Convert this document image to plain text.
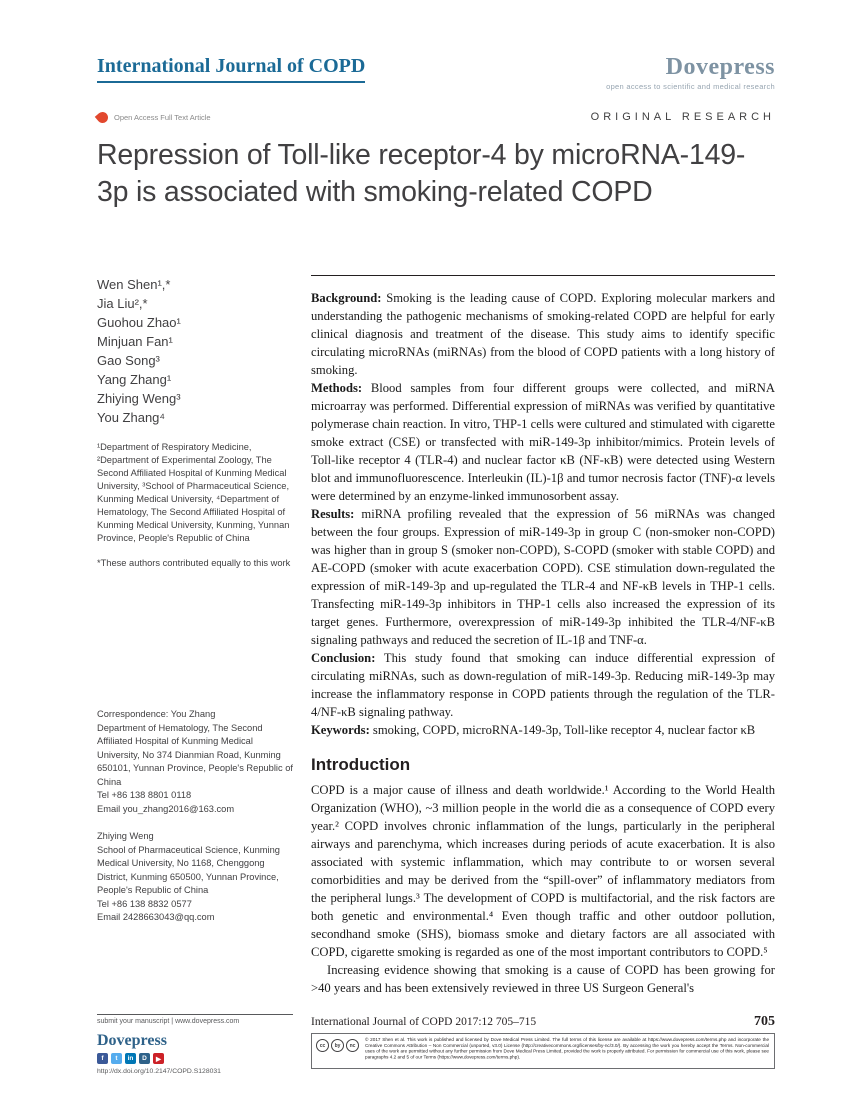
International Journal of COPD	Dovepress
open access to scientific and medical research
Open Access Full Text Article	ORIGINAL RESEARCH
Repression of Toll-like receptor-4 by microRNA-149-3p is associated with smoking-related COPD
Wen Shen¹,*
Jia Liu²,*
Guohou Zhao¹
Minjuan Fan¹
Gao Song³
Yang Zhang¹
Zhiying Weng³
You Zhang⁴

¹Department of Respiratory Medicine, ²Department of Experimental Zoology, The Second Affiliated Hospital of Kunming Medical University, ³School of Pharmaceutical Science, Kunming Medical University, ⁴Department of Hematology, The Second Affiliated Hospital of Kunming Medical University, Kunming, Yunnan Province, People's Republic of China

*These authors contributed equally to this work

Correspondence: You Zhang
Department of Hematology, The Second Affiliated Hospital of Kunming Medical University, No 374 Dianmian Road, Kunming 650101, Yunnan Province, People's Republic of China
Tel +86 138 8801 0118
Email you_zhang2016@163.com
Zhiying Weng
School of Pharmaceutical Science, Kunming Medical University, No 1168, Chenggong District, Kunming 650500, Yunnan Province, People's Republic of China
Tel +86 138 8832 0577
Email 2428663043@qq.com

Background: Smoking is the leading cause of COPD. Exploring molecular markers and understanding the pathogenic mechanisms of smoking-related COPD are helpful for early clinical diagnosis and treatment of the disease. This study aims to identify specific circulating microRNAs (miRNAs) from the blood of COPD patients with a long history of smoking.

Methods: Blood samples from four different groups were collected, and miRNA microarray was performed. Differential expression of miRNAs was verified by quantitative polymerase chain reaction. In vitro, THP-1 cells were cultured and stimulated with cigarette smoke extract (CSE) or transfected with miR-149-3p inhibitor/mimics. Protein levels of Toll-like receptor 4 (TLR-4) and nuclear factor κB (NF-κB) were detected using Western blot and immunofluorescence. Interleukin (IL)-1β and tumor necrosis factor (TNF)-α levels were determined by an enzyme-linked immunosorbent assay.

Results: miRNA profiling revealed that the expression of 56 miRNAs was changed between the four groups. Expression of miR-149-3p in group C (non-smoker non-COPD) was higher than in group S (smoker non-COPD), S-COPD (smoker with stable COPD) and AE-COPD (smoker with acute exacerbation COPD). CSE stimulation down-regulated the expression of miR-149-3p and up-regulated the TLR-4 and NF-κB levels in THP-1 cells. Transfecting miR-149-3p inhibitors in THP-1 cells also increased the expression of its target genes. Furthermore, overexpression of miR-149-3p inhibited the TLR-4/NF-κB signaling pathways and reduced the secretion of IL-1β and TNF-α.

Conclusion: This study found that smoking can induce differential expression of circulating miRNAs, such as down-regulation of miR-149-3p. Reducing miR-149-3p may increase the inflammatory response in COPD patients through the regulation of the TLR-4/NF-κB signaling pathway.

Keywords: smoking, COPD, microRNA-149-3p, Toll-like receptor 4, nuclear factor κB

Introduction

COPD is a major cause of illness and death worldwide.¹ According to the World Health Organization (WHO), ~3 million people in the world die as a consequence of COPD every year.² COPD involves chronic inflammation of the lungs, particularly in the peripheral airways and parenchyma, which increases during periods of acute exacerbation. It is also associated with systemic inflammation, which may contribute to or worsen several comorbidities and may be derived from the “spill-over” of inflammatory mediators from the peripheral lungs.³ The development of COPD is multifactorial, and the risk factors are both genetic and environmental.⁴ Even though traffic and other outdoor pollution, secondhand smoke (SHS), biomass smoke and dietary factors are all associated with COPD, cigarette smoking is regarded as one of the most important contributors to COPD.⁵

Increasing evidence showing that smoking is a cause of COPD has been growing for >40 years and has been extensively reviewed in three US Surgeon General's

submit your manuscript | www.dovepress.com	International Journal of COPD 2017:12 705–715	705
Dovepress
f	t	in	D	▶
http://dx.doi.org/10.2147/COPD.S128031
cc	by	nc
© 2017 Shen et al. This work is published and licensed by Dove Medical Press Limited. The full terms of this license are available at https://www.dovepress.com/terms.php and incorporate the Creative Commons Attribution – Non Commercial (unported, v3.0) License (http://creativecommons.org/licenses/by-nc/3.0/). By accessing the work you hereby accept the Terms. Non-commercial uses of the work are permitted without any further permission from Dove Medical Press Limited, provided the work is properly attributed. For permission for commercial use of this work, please see paragraphs 4.2 and 5 of our Terms (https://www.dovepress.com/terms.php).
